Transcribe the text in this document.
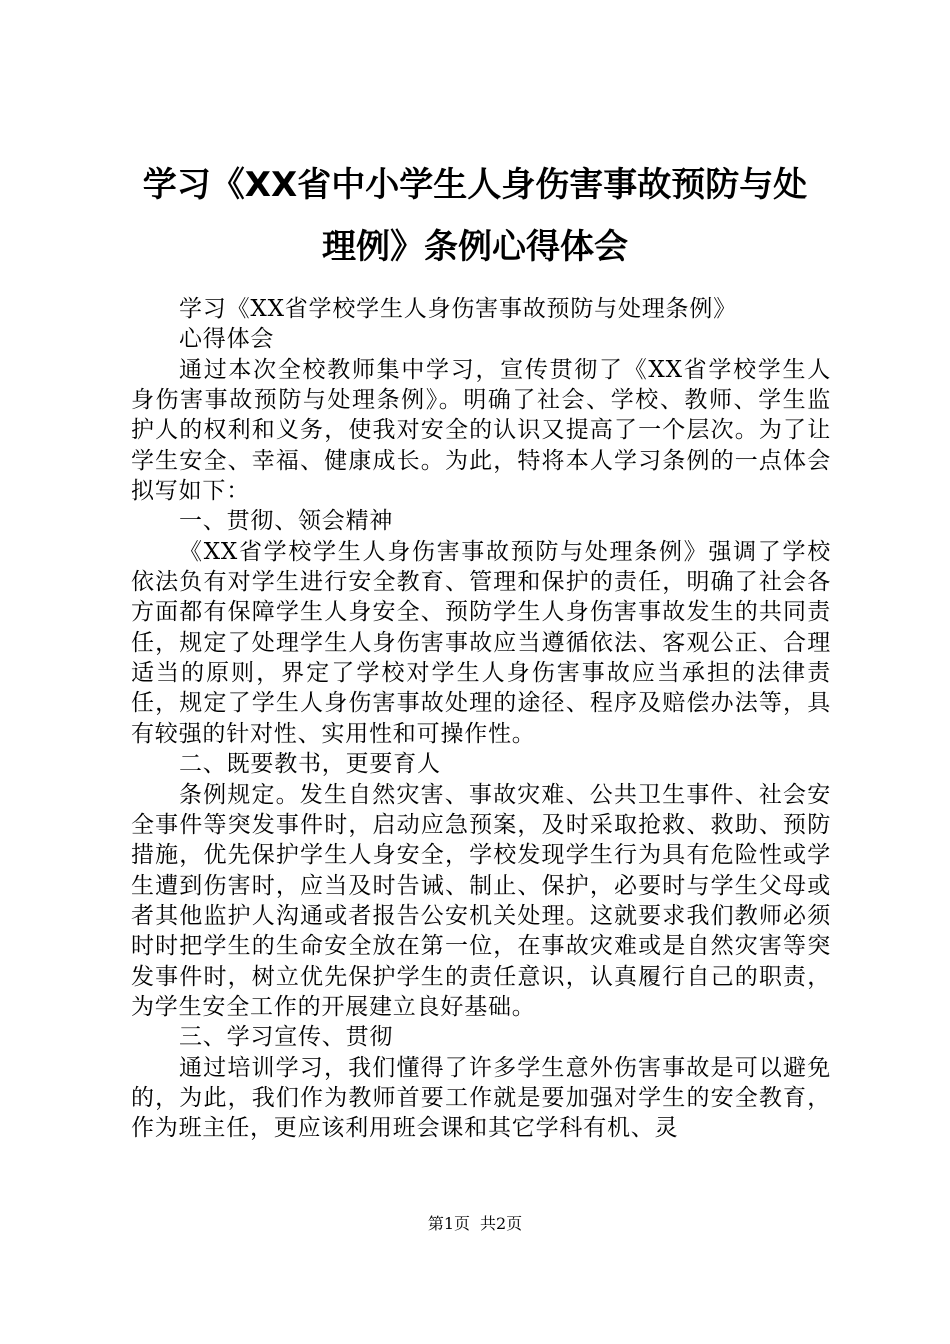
学习《XX省中小学生人身伤害事故预防与处
理例》条例心得体会

学习《XX省学校学生人身伤害事故预防与处理条例》

心得体会

通过本次全校教师集中学习，宣传贯彻了《XX省学校学生人身伤害事故预防与处理条例》。明确了社会、学校、教师、学生监护人的权利和义务，使我对安全的认识又提高了一个层次。为了让学生安全、幸福、健康成长。为此，特将本人学习条例的一点体会拟写如下：

一、贯彻、领会精神

《XX省学校学生人身伤害事故预防与处理条例》强调了学校依法负有对学生进行安全教育、管理和保护的责任，明确了社会各方面都有保障学生人身安全、预防学生人身伤害事故发生的共同责任，规定了处理学生人身伤害事故应当遵循依法、客观公正、合理适当的原则，界定了学校对学生人身伤害事故应当承担的法律责任，规定了学生人身伤害事故处理的途径、程序及赔偿办法等，具有较强的针对性、实用性和可操作性。

二、既要教书，更要育人

条例规定。发生自然灾害、事故灾难、公共卫生事件、社会安全事件等突发事件时，启动应急预案，及时采取抢救、救助、预防措施，优先保护学生人身安全，学校发现学生行为具有危险性或学生遭到伤害时，应当及时告诫、制止、保护，必要时与学生父母或者其他监护人沟通或者报告公安机关处理。这就要求我们教师必须时时把学生的生命安全放在第一位，在事故灾难或是自然灾害等突发事件时，树立优先保护学生的责任意识，认真履行自己的职责，为学生安全工作的开展建立良好基础。

三、学习宣传、贯彻

通过培训学习，我们懂得了许多学生意外伤害事故是可以避免的，为此，我们作为教师首要工作就是要加强对学生的安全教育，作为班主任，更应该利用班会课和其它学科有机、灵

第1页 共2页
